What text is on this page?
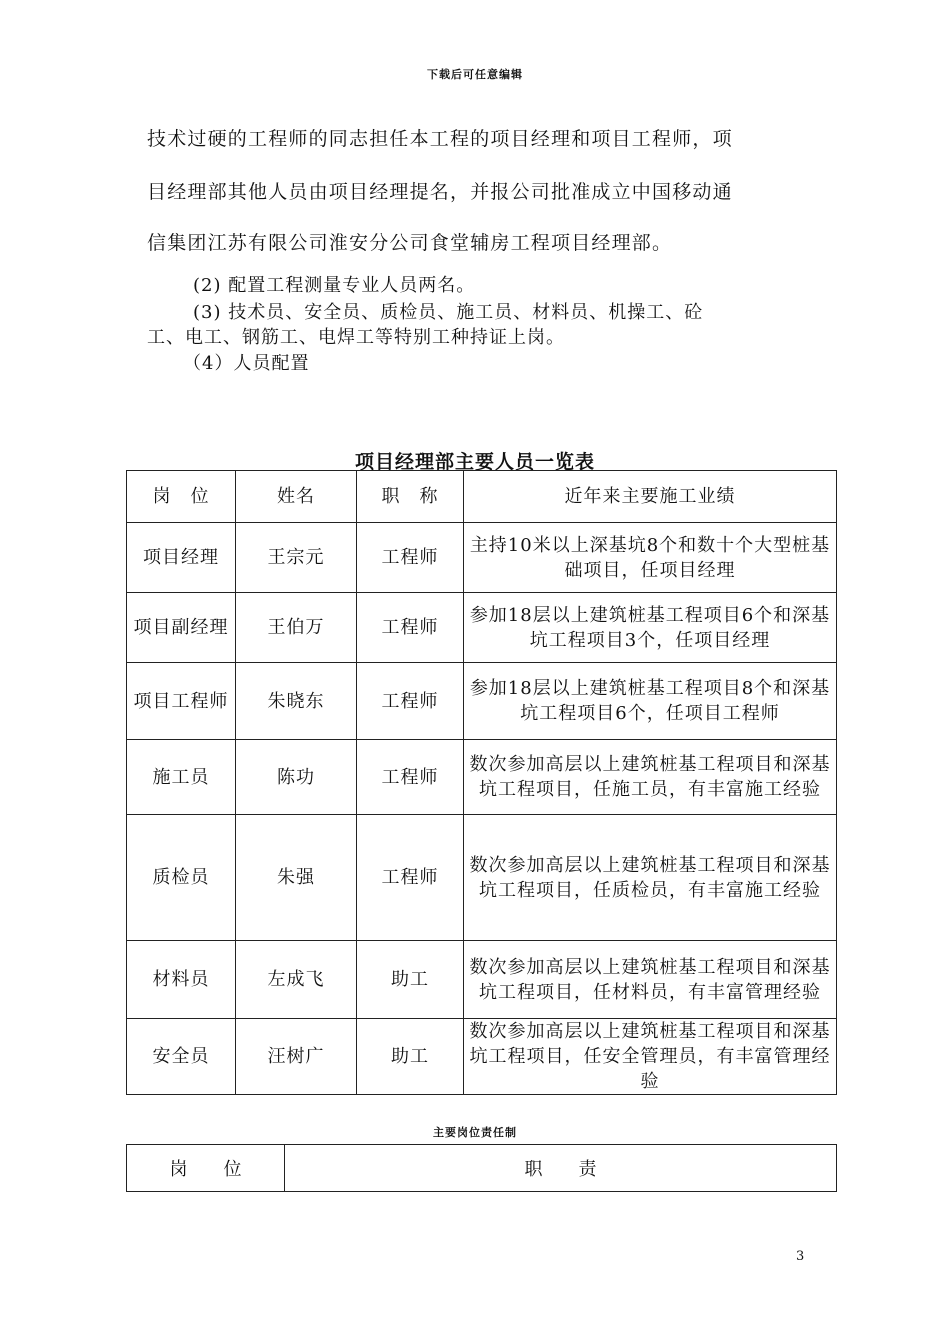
下载后可任意编辑
技术过硬的工程师的同志担任本工程的项目经理和项目工程师，项
目经理部其他人员由项目经理提名，并报公司批准成立中国移动通
信集团江苏有限公司淮安分公司食堂辅房工程项目经理部。
(2) 配置工程测量专业人员两名。
(3) 技术员、安全员、质检员、施工员、材料员、机操工、砼
工、电工、钢筋工、电焊工等特别工种持证上岗。
（4）人员配置
项目经理部主要人员一览表
岗　位	姓名	职　称	近年来主要施工业绩
项目经理	王宗元	工程师	主持10米以上深基坑8个和数十个大型桩基础项目，任项目经理
项目副经理	王伯万	工程师	参加18层以上建筑桩基工程项目6个和深基坑工程项目3个，任项目经理
项目工程师	朱晓东	工程师	参加18层以上建筑桩基工程项目8个和深基坑工程项目6个，任项目工程师
施工员	陈功	工程师	数次参加高层以上建筑桩基工程项目和深基坑工程项目，任施工员，有丰富施工经验
质检员	朱强	工程师	数次参加高层以上建筑桩基工程项目和深基坑工程项目，任质检员，有丰富施工经验
材料员	左成飞	助工	数次参加高层以上建筑桩基工程项目和深基坑工程项目，任材料员，有丰富管理经验
安全员	汪树广	助工	数次参加高层以上建筑桩基工程项目和深基坑工程项目，任安全管理员，有丰富管理经验
主要岗位责任制
岗　　位	职　　责
3
